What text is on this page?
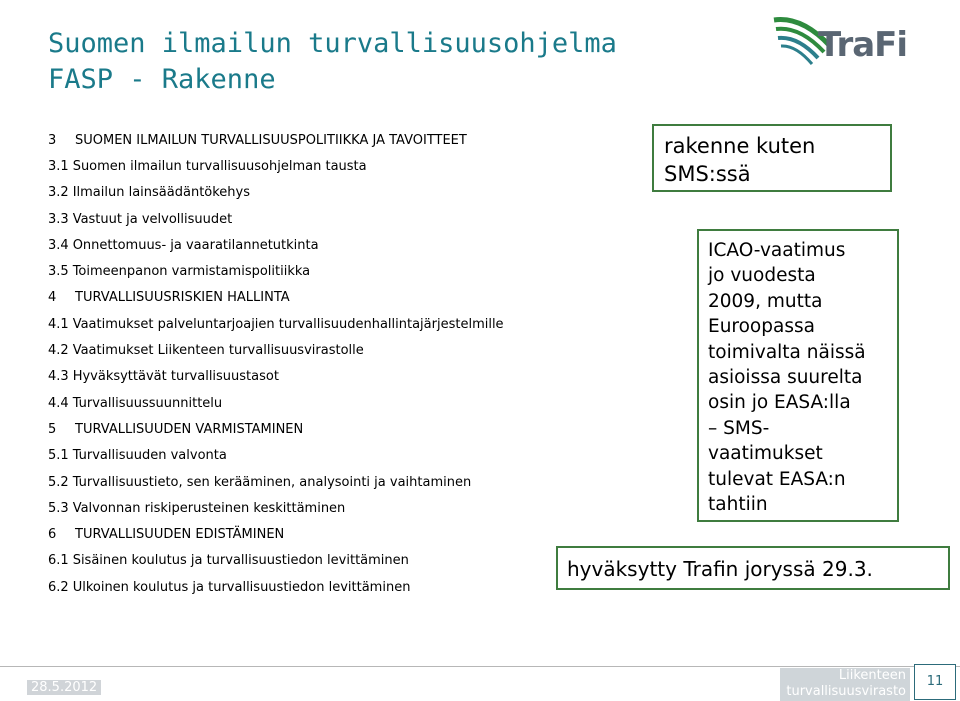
Suomen ilmailun turvallisuusohjelma
FASP - Rakenne
TraFi
3	SUOMEN ILMAILUN TURVALLISUUSPOLITIIKKA JA TAVOITTEET
3.1 Suomen ilmailun turvallisuusohjelman tausta
3.2 Ilmailun lainsäädäntökehys
3.3 Vastuut ja velvollisuudet
3.4 Onnettomuus- ja vaaratilannetutkinta
3.5 Toimeenpanon varmistamispolitiikka
4	TURVALLISUUSRISKIEN HALLINTA
4.1 Vaatimukset palveluntarjoajien turvallisuudenhallintajärjestelmille
4.2 Vaatimukset Liikenteen turvallisuusvirastolle
4.3 Hyväksyttävät turvallisuustasot
4.4 Turvallisuussuunnittelu
5	TURVALLISUUDEN VARMISTAMINEN
5.1 Turvallisuuden valvonta
5.2 Turvallisuustieto, sen kerääminen, analysointi ja vaihtaminen
5.3 Valvonnan riskiperusteinen keskittäminen
6	TURVALLISUUDEN EDISTÄMINEN
6.1 Sisäinen koulutus ja turvallisuustiedon levittäminen
6.2 Ulkoinen koulutus ja turvallisuustiedon levittäminen
rakenne kuten
SMS:ssä
ICAO-vaatimus
jo vuodesta
2009, mutta
Euroopassa
toimivalta näissä
asioissa suurelta
osin jo EASA:lla
– SMS-
vaatimukset
tulevat EASA:n
tahtiin
hyväksytty Trafin joryssä 29.3.
28.5.2012
Liikenteen
turvallisuusvirasto
11
